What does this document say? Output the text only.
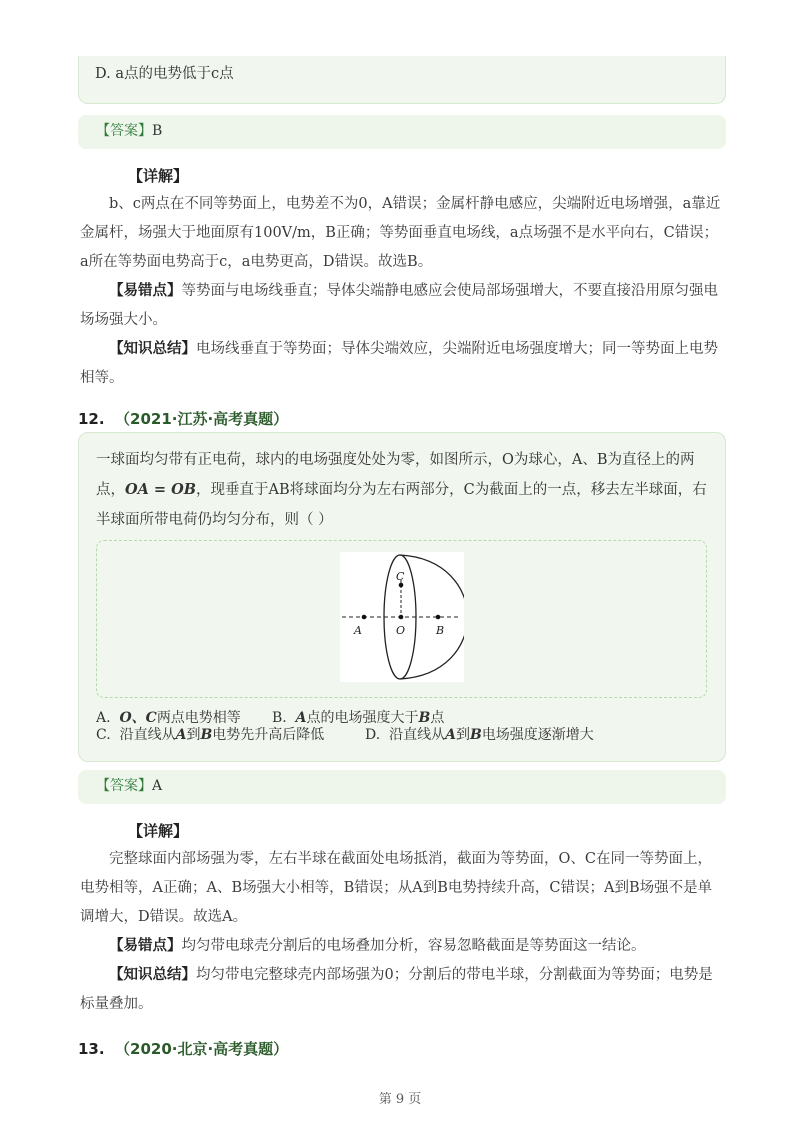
D. a点的电势低于c点
【答案】B
【详解】

b、c两点在不同等势面上，电势差不为0，A错误；金属杆静电感应，尖端附近电场增强，a靠近金属杆，场强大于地面原有100V/m，B正确；等势面垂直电场线，a点场强不是水平向右，C错误；a所在等势面电势高于c，a电势更高，D错误。故选B。

【易错点】等势面与电场线垂直；导体尖端静电感应会使局部场强增大，不要直接沿用原匀强电场场强大小。

【知识总结】电场线垂直于等势面；导体尖端效应，尖端附近电场强度增大；同一等势面上电势相等。

12. （2021·江苏·高考真题）

一球面均匀带有正电荷，球内的电场强度处处为零，如图所示，O为球心，A、B为直径上的两点，OA = OB，现垂直于AB将球面均分为左右两部分，C为截面上的一点，移去左半球面，右半球面所带电荷仍均匀分布，则（ ）

A	O	B
C
A. O、C两点电势相等 B. A点的电场强度大于B点
C. 沿直线从A到B电势先升高后降低	D. 沿直线从A到B电场强度逐渐增大
【答案】A
【详解】

完整球面内部场强为零，左右半球在截面处电场抵消，截面为等势面，O、C在同一等势面上，电势相等，A正确；A、B场强大小相等，B错误；从A到B电势持续升高，C错误；A到B场强不是单调增大，D错误。故选A。

【易错点】均匀带电球壳分割后的电场叠加分析，容易忽略截面是等势面这一结论。

【知识总结】均匀带电完整球壳内部场强为0；分割后的带电半球，分割截面为等势面；电势是标量叠加。

13. （2020·北京·高考真题）
第 9 页
